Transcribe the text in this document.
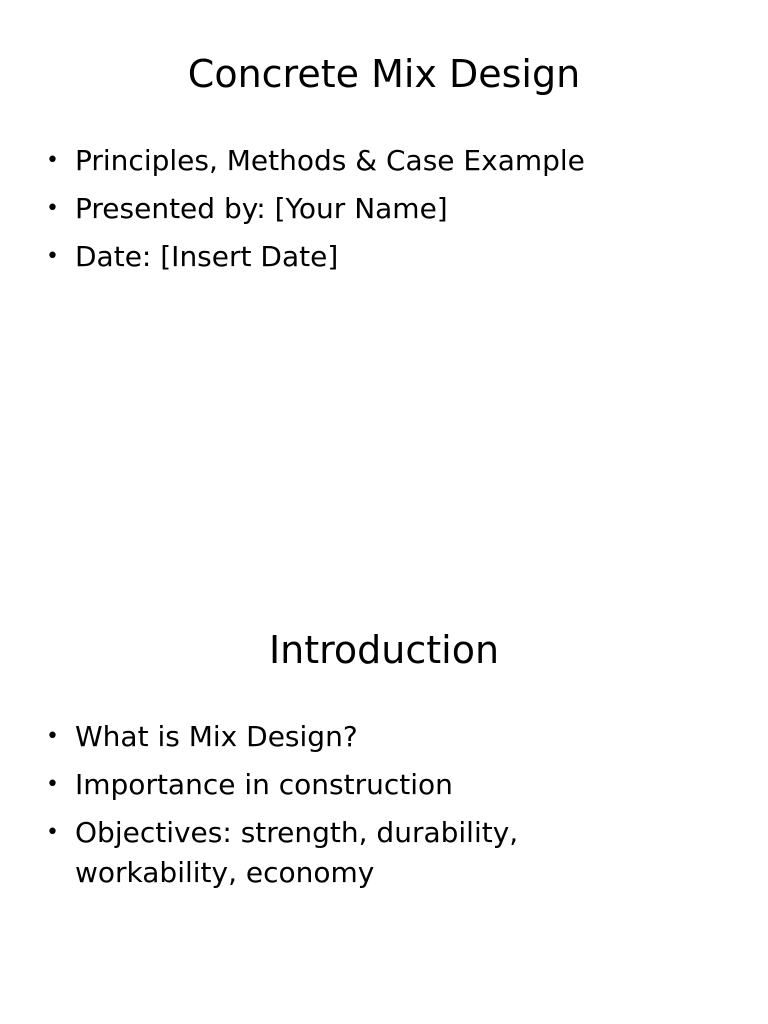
Concrete Mix Design
• Principles, Methods & Case Example
• Presented by: [Your Name]
• Date: [Insert Date]
Introduction
• What is Mix Design?
• Importance in construction
• Objectives: strength, durability, workability, economy
